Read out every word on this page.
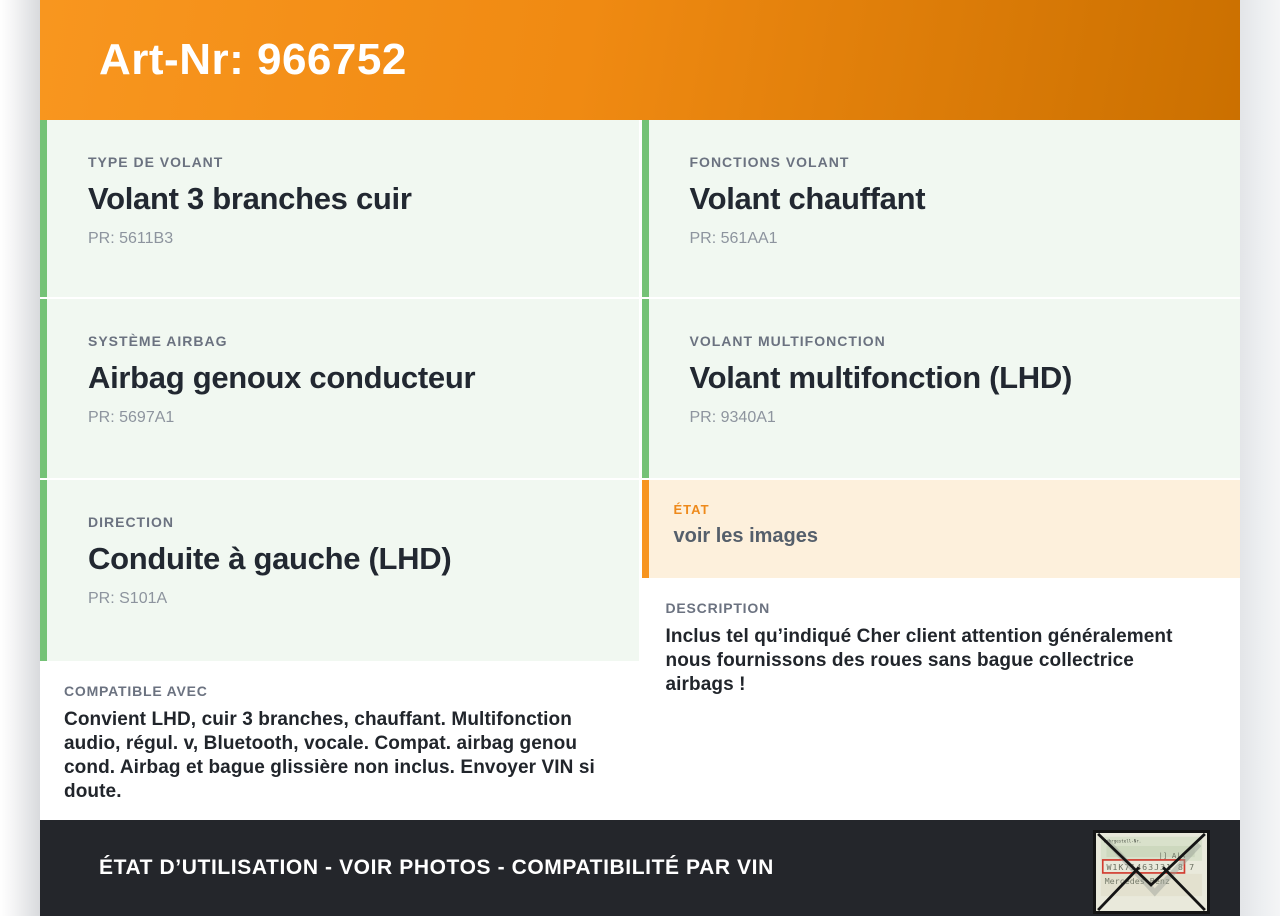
Art-Nr: 966752
TYPE DE VOLANT
Volant 3 branches cuir
PR: 5611B3
SYSTÈME AIRBAG
Airbag genoux conducteur
PR: 5697A1
DIRECTION
Conduite à gauche (LHD)
PR: S101A
COMPATIBLE AVEC
Convient LHD, cuir 3 branches, chauffant. Multifonction audio, régul. v, Bluetooth, vocale. Compat. airbag genou cond. Airbag et bague glissière non inclus. Envoyer VIN si doute.
FONCTIONS VOLANT
Volant chauffant
PR: 561AA1
VOLANT MULTIFONCTION
Volant multifonction (LHD)
PR: 9340A1
ÉTAT
voir les images
DESCRIPTION
Inclus tel qu’indiqué Cher client attention généralement nous fournissons des roues sans bague collectrice airbags !
ÉTAT D’UTILISATION - VOIR PHOTOS - COMPATIBILITÉ PAR VIN
Fahrgestell-Nr.
|] A|A
W1K71463J31 8 7
Mercedes-Benz
